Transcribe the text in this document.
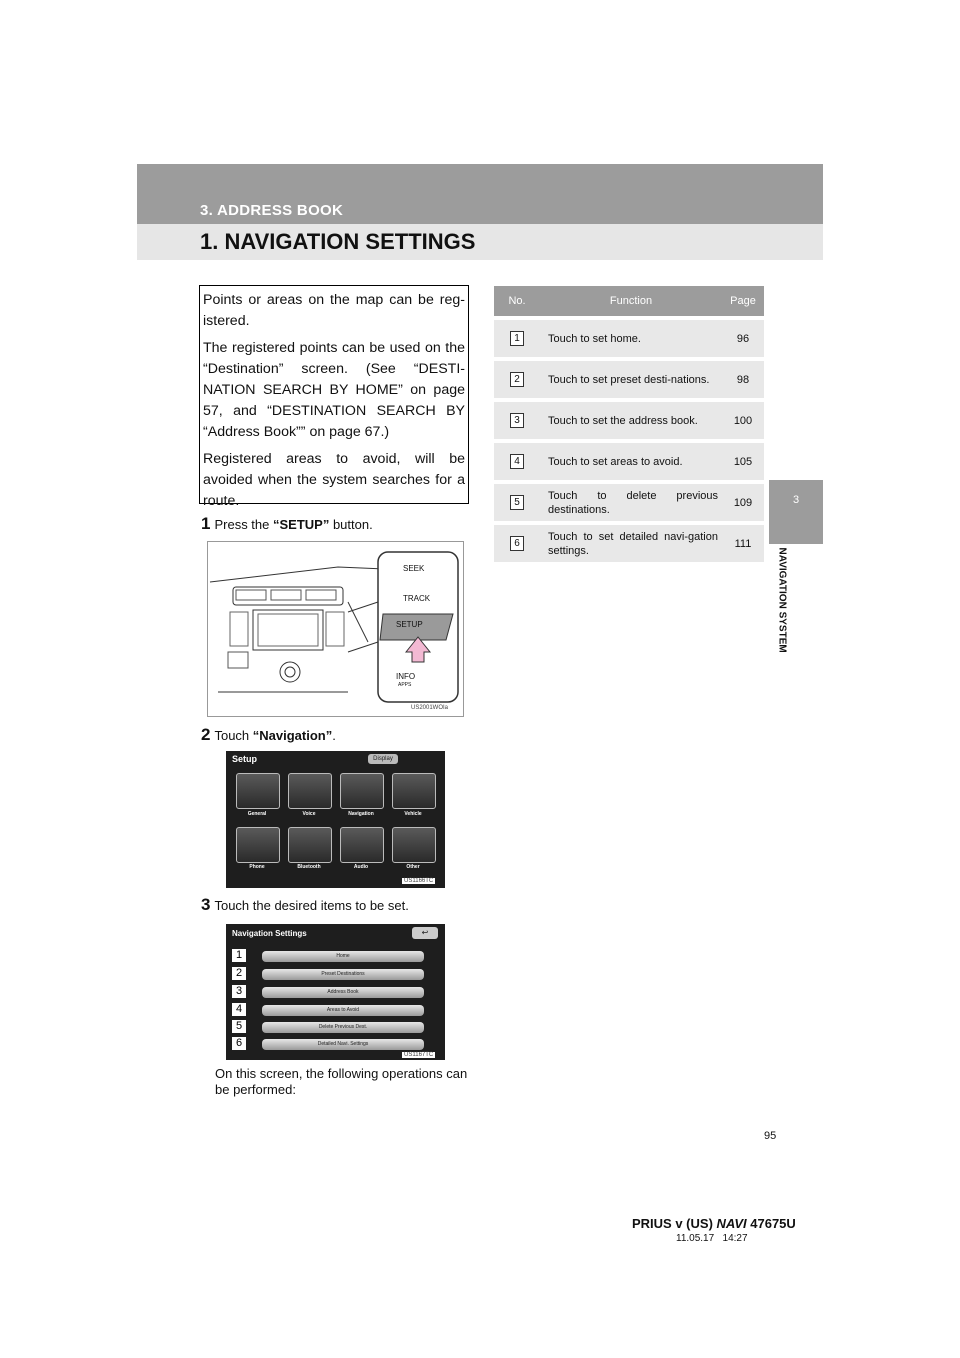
3. ADDRESS BOOK
1. NAVIGATION SETTINGS
3
NAVIGATION SYSTEM

Points or areas on the map can be reg-istered.

The registered points can be used on the “Destination” screen. (See “DESTI-NATION SEARCH BY HOME” on page 57, and “DESTINATION SEARCH BY “Address Book”” on page 67.)

Registered areas to avoid, will be avoided when the system searches for a route.

1 Press the “SETUP” button.
SEEK
TRACK
SETUP
INFO
APPS
US2001WOIa
2 Touch “Navigation”.
Setup	Display
General	Voice	Navigation	Vehicle
Phone	Bluetooth	Audio	Other
US1166TC
3 Touch the desired items to be set.
Navigation Settings	↩
Home
Preset Destinations
Address Book
Areas to Avoid
Delete Previous Dest.
Detailed Navi. Settings
1
2
3
4
5
6
US1167TC
On this screen, the following operations can be performed:
No.	Function	Page
1	Touch to set home.	96
2	Touch to set preset desti-nations.	98
3	Touch to set the address book.	100
4	Touch to set areas to avoid.	105
5	Touch to delete previous destinations.	109
6	Touch to set detailed navi-gation settings.	111
95
PRIUS v (US) NAVI 47675U
11.05.17 14:27
